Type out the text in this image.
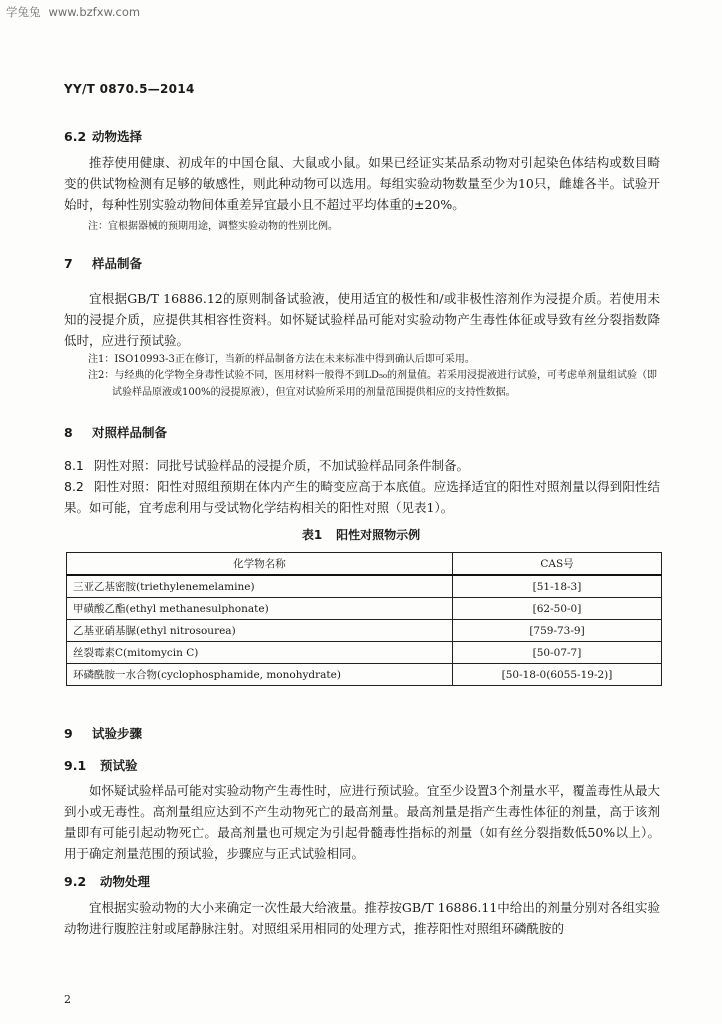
学兔兔 www.bzfxw.com
YY/T 0870.5—2014
6.2 动物选择
推荐使用健康、初成年的中国仓鼠、大鼠或小鼠。如果已经证实某品系动物对引起染色体结构或数目畸变的供试物检测有足够的敏感性，则此种动物可以选用。每组实验动物数量至少为10只，雌雄各半。试验开始时，每种性别实验动物间体重差异宜最小且不超过平均体重的±20%。
注：宜根据器械的预期用途，调整实验动物的性别比例。
7 样品制备
宜根据GB/T 16886.12的原则制备试验液，使用适宜的极性和/或非极性溶剂作为浸提介质。若使用未知的浸提介质，应提供其相容性资料。如怀疑试验样品可能对实验动物产生毒性体征或导致有丝分裂指数降低时，应进行预试验。
注1：ISO10993-3正在修订，当新的样品制备方法在未来标准中得到确认后即可采用。
注2：与经典的化学物全身毒性试验不同，医用材料一般得不到LD₅₀的剂量值。若采用浸提液进行试验，可考虑单剂量组试验（即试验样品原液或100%的浸提原液），但宜对试验所采用的剂量范围提供相应的支持性数据。
8 对照样品制备
8.1 阴性对照：同批号试验样品的浸提介质，不加试验样品同条件制备。
8.2 阳性对照：阳性对照组预期在体内产生的畸变应高于本底值。应选择适宜的阳性对照剂量以得到阳性结果。如可能，宜考虑利用与受试物化学结构相关的阳性对照（见表1）。
表1 阳性对照物示例
化学物名称	CAS号
三亚乙基密胺(triethylenemelamine)	[51-18-3]
甲磺酸乙酯(ethyl methanesulphonate)	[62-50-0]
乙基亚硝基脲(ethyl nitrosourea)	[759-73-9]
丝裂霉素C(mitomycin C)	[50-07-7]
环磷酰胺一水合物(cyclophosphamide, monohydrate)	[50-18-0(6055-19-2)]
9 试验步骤
9.1 预试验
如怀疑试验样品可能对实验动物产生毒性时，应进行预试验。宜至少设置3个剂量水平，覆盖毒性从最大到小或无毒性。高剂量组应达到不产生动物死亡的最高剂量。最高剂量是指产生毒性体征的剂量，高于该剂量即有可能引起动物死亡。最高剂量也可规定为引起骨髓毒性指标的剂量（如有丝分裂指数低50%以上）。用于确定剂量范围的预试验，步骤应与正式试验相同。
9.2 动物处理
宜根据实验动物的大小来确定一次性最大给液量。推荐按GB/T 16886.11中给出的剂量分别对各组实验动物进行腹腔注射或尾静脉注射。对照组采用相同的处理方式，推荐阳性对照组环磷酰胺的
2
